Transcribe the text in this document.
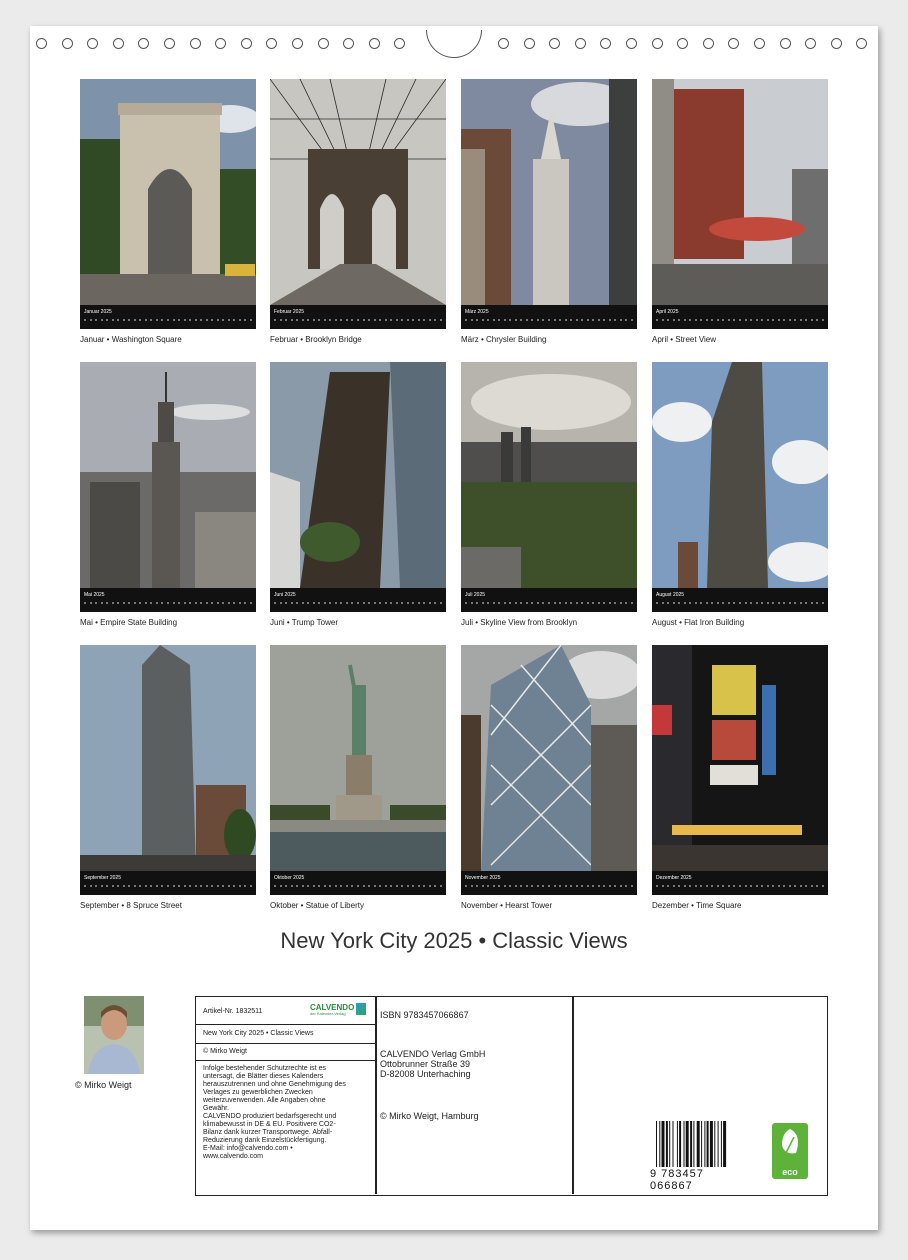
Januar 2025
Januar • Washington Square
Februar 2025
Februar • Brooklyn Bridge
März 2025
März • Chrysler Building
April 2025
April • Street View
Mai 2025
Mai • Empire State Building
Juni 2025
Juni • Trump Tower
Juli 2025
Juli • Skyline View from Brooklyn
August 2025
August • Flat Iron Building
September 2025
September • 8 Spruce Street
Oktober 2025
Oktober • Statue of Liberty
November 2025
November • Hearst Tower
Dezember 2025
Dezember • Time Square
New York City 2025 • Classic Views
© Mirko Weigt
Artikel-Nr. 1832511	CALVENDO
der Kalender-Verlag
New York City 2025 • Classic Views
© Mirko Weigt
Infolge bestehender Schutzrechte ist es
untersagt, die Blätter dieses Kalenders
herauszutrennen und ohne Genehmigung des
Verlages zu gewerblichen Zwecken
weiterzuverwenden. Alle Angaben ohne
Gewähr.
CALVENDO produziert bedarfsgerecht und
klimabewusst in DE & EU. Positivere CO2-
Bilanz dank kurzer Transportwege. Abfall-
Reduzierung dank Einzelstückfertigung.
E-Mail: info@calvendo.com •
www.calvendo.com
ISBN 9783457066867
CALVENDO Verlag GmbH
Ottobrunner Straße 39
D-82008 Unterhaching
© Mirko Weigt, Hamburg
9 783457 066867
eco
